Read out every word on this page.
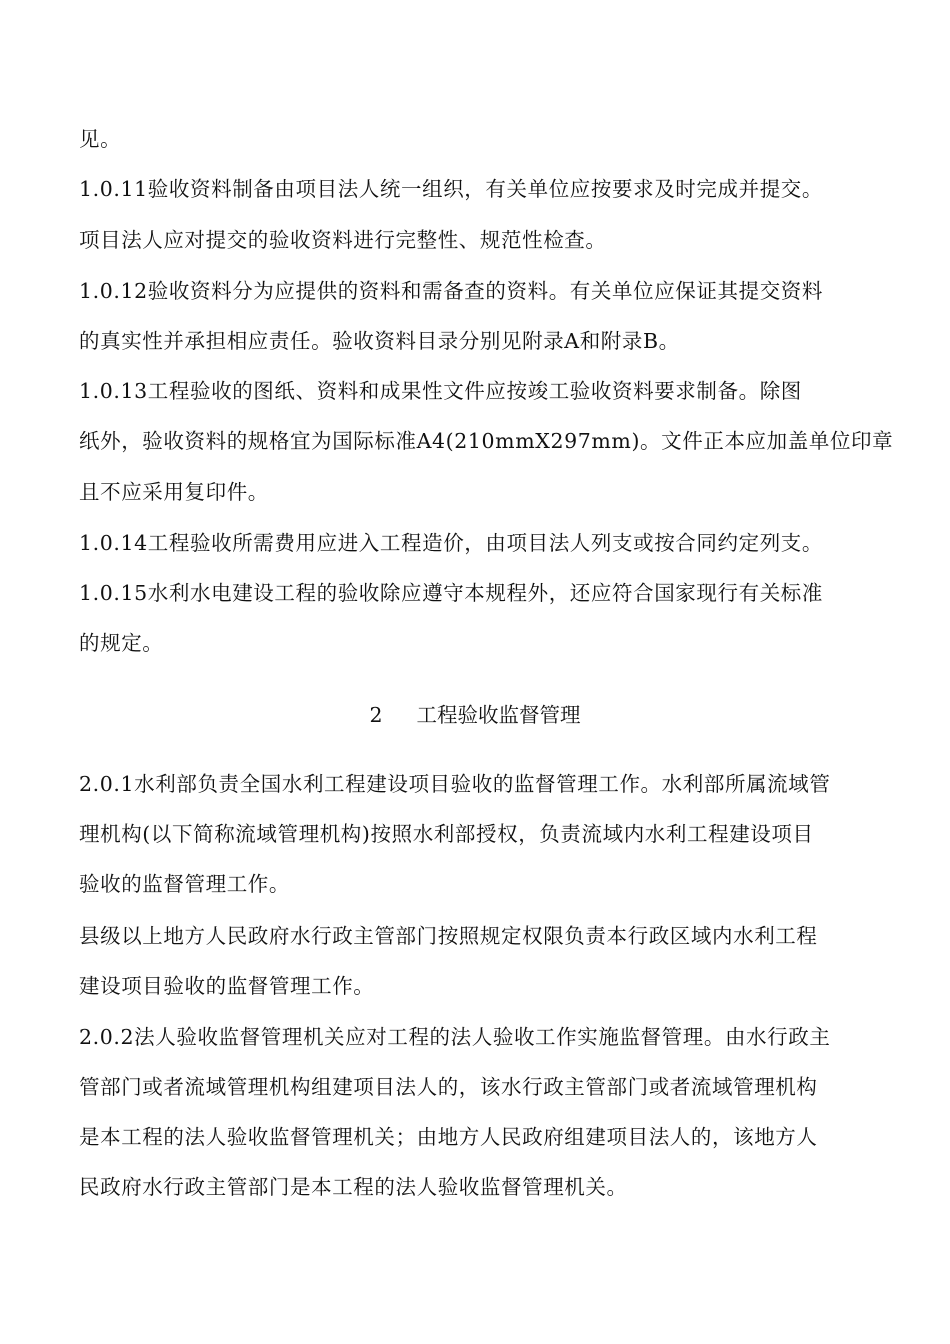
见。
1.0.11验收资料制备由项目法人统一组织，有关单位应按要求及时完成并提交。
项目法人应对提交的验收资料进行完整性、规范性检查。
1.0.12验收资料分为应提供的资料和需备查的资料。有关单位应保证其提交资料
的真实性并承担相应责任。验收资料目录分别见附录A和附录B。
1.0.13工程验收的图纸、资料和成果性文件应按竣工验收资料要求制备。除图
纸外，验收资料的规格宜为国际标准A4(210mmX297mm)。文件正本应加盖单位印章
且不应采用复印件。
1.0.14工程验收所需费用应进入工程造价，由项目法人列支或按合同约定列支。
1.0.15水利水电建设工程的验收除应遵守本规程外，还应符合国家现行有关标准
的规定。
2 工程验收监督管理
2.0.1水利部负责全国水利工程建设项目验收的监督管理工作。水利部所属流域管
理机构(以下简称流域管理机构)按照水利部授权，负责流域内水利工程建设项目
验收的监督管理工作。
县级以上地方人民政府水行政主管部门按照规定权限负责本行政区域内水利工程
建设项目验收的监督管理工作。
2.0.2法人验收监督管理机关应对工程的法人验收工作实施监督管理。由水行政主
管部门或者流域管理机构组建项目法人的，该水行政主管部门或者流域管理机构
是本工程的法人验收监督管理机关；由地方人民政府组建项目法人的，该地方人
民政府水行政主管部门是本工程的法人验收监督管理机关。
